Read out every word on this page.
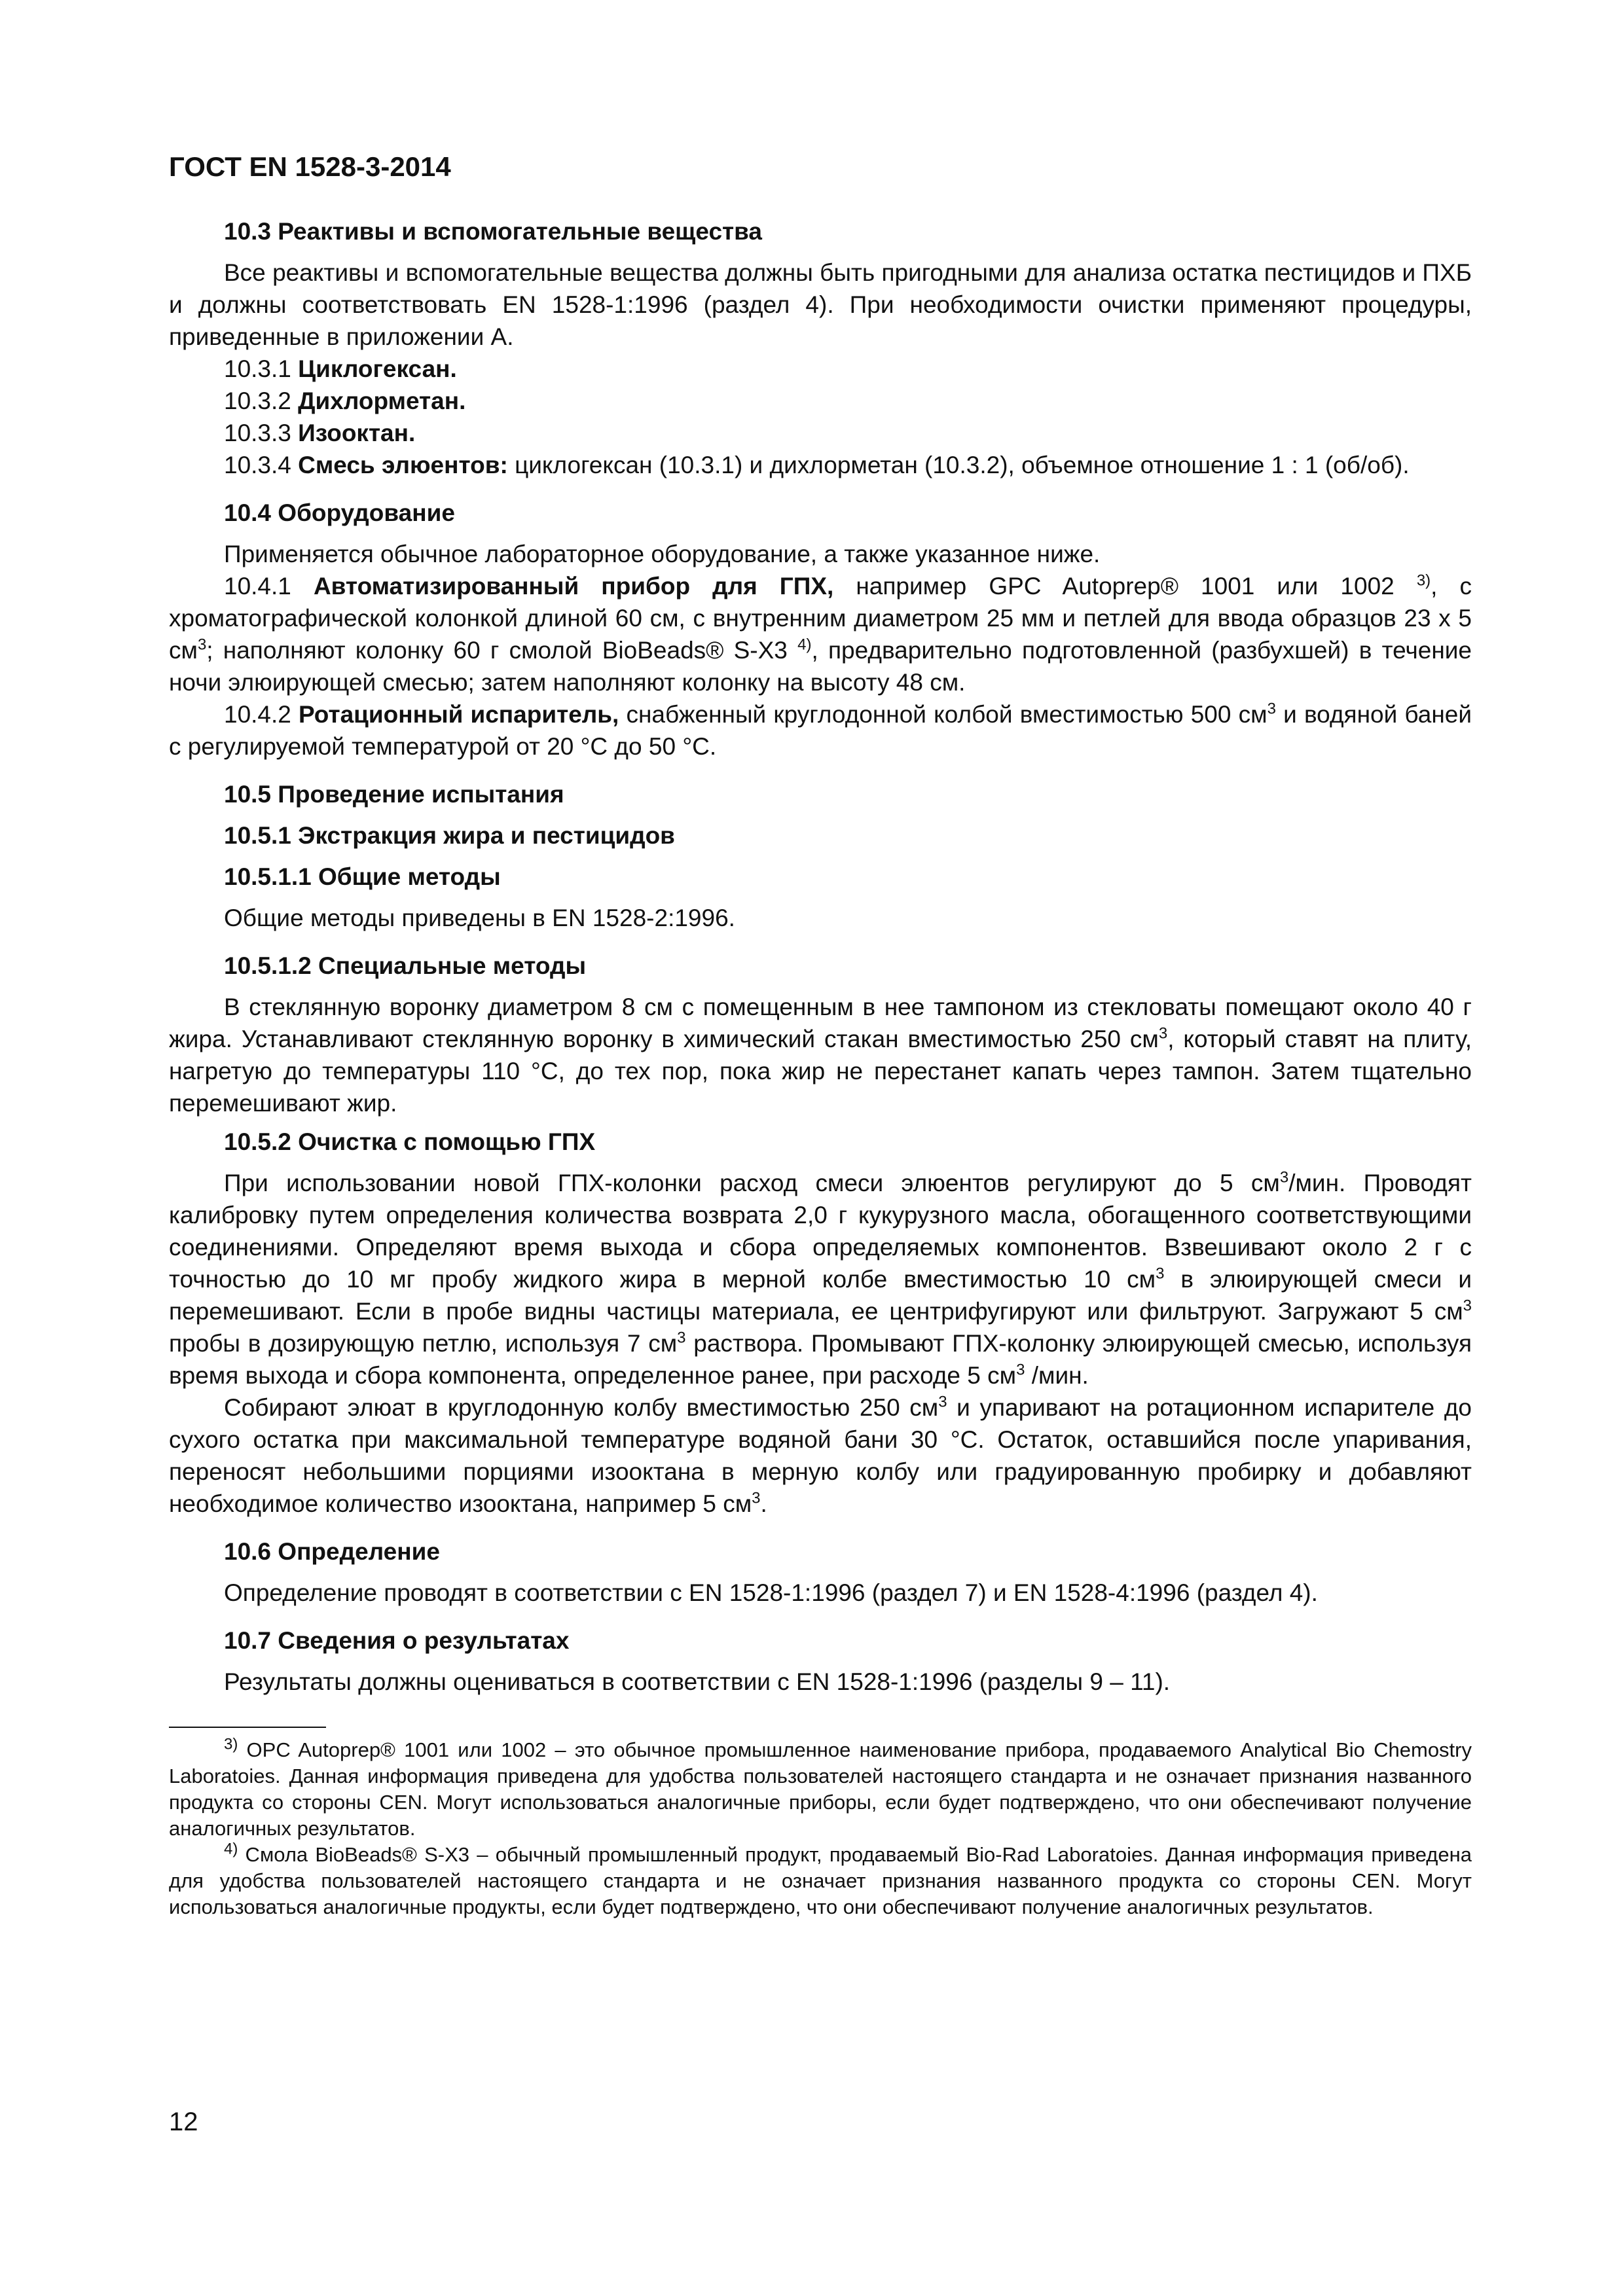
ГОСТ EN 1528-3-2014
10.3 Реактивы и вспомогательные вещества

Все реактивы и вспомогательные вещества должны быть пригодными для анализа остатка пестицидов и ПХБ и должны соответствовать EN 1528-1:1996 (раздел 4). При необходимости очистки применяют процедуры, приведенные в приложении А.

10.3.1 Циклогексан.

10.3.2 Дихлорметан.

10.3.3 Изооктан.

10.3.4 Смесь элюентов: циклогексан (10.3.1) и дихлорметан (10.3.2), объемное отношение 1 : 1 (об/об).

10.4 Оборудование

Применяется обычное лабораторное оборудование, а также указанное ниже.

10.4.1 Автоматизированный прибор для ГПХ, например GPC Autoprep® 1001 или 1002 $^{3)}$, с хроматографической колонкой длиной 60 см, с внутренним диаметром 25 мм и петлей для ввода образцов 23 х 5 $см^3$; наполняют колонку 60 г смолой BioBeads® S-X3 $^{4)}$, предварительно подготовленной (разбухшей) в течение ночи элюирующей смесью; затем наполняют колонку на высоту 48 см.

10.4.2 Ротационный испаритель, снабженный круглодонной колбой вместимостью 500 $см^3$ и водяной баней с регулируемой температурой от 20 °С до 50 °С.

10.5 Проведение испытания
10.5.1 Экстракция жира и пестицидов
10.5.1.1 Общие методы

Общие методы приведены в EN 1528-2:1996.

10.5.1.2 Специальные методы

В стеклянную воронку диаметром 8 см с помещенным в нее тампоном из стекловаты помещают около 40 г жира. Устанавливают стеклянную воронку в химический стакан вместимостью 250 $см^3$, который ставят на плиту, нагретую до температуры 110 °С, до тех пор, пока жир не перестанет капать через тампон. Затем тщательно перемешивают жир.

10.5.2 Очистка с помощью ГПХ

При использовании новой ГПХ-колонки расход смеси элюентов регулируют до 5 $см^3$/мин. Проводят калибровку путем определения количества возврата 2,0 г кукурузного масла, обогащенного соответствующими соединениями. Определяют время выхода и сбора определяемых компонентов. Взвешивают около 2 г с точностью до 10 мг пробу жидкого жира в мерной колбе вместимостью 10 $см^3$ в элюирующей смеси и перемешивают. Если в пробе видны частицы материала, ее центрифугируют или фильтруют. Загружают 5 $см^3$ пробы в дозирующую петлю, используя 7 $см^3$ раствора. Промывают ГПХ-колонку элюирующей смесью, используя время выхода и сбора компонента, определенное ранее, при расходе 5 $см^3$ /мин.

Собирают элюат в круглодонную колбу вместимостью 250 $см^3$ и упаривают на ротационном испарителе до сухого остатка при максимальной температуре водяной бани 30 °С. Остаток, оставшийся после упаривания, переносят небольшими порциями изооктана в мерную колбу или градуированную пробирку и добавляют необходимое количество изооктана, например 5 $см^3$.

10.6 Определение

Определение проводят в соответствии с EN 1528-1:1996 (раздел 7) и EN 1528-4:1996 (раздел 4).

10.7 Сведения о результатах

Результаты должны оцениваться в соответствии с EN 1528-1:1996 (разделы 9 – 11).

$^{3)}$ OPC Autoprep® 1001 или 1002 – это обычное промышленное наименование прибора, продаваемого Analytical Bio Chemostry Laboratoies. Данная информация приведена для удобства пользователей настоящего стандарта и не означает признания названного продукта со стороны CEN. Могут использоваться аналогичные приборы, если будет подтверждено, что они обеспечивают получение аналогичных результатов.

$^{4)}$ Смола BioBeads® S-X3 – обычный промышленный продукт, продаваемый Bio-Rad Laboratoies. Данная информация приведена для удобства пользователей настоящего стандарта и не означает признания названного продукта со стороны CEN. Могут использоваться аналогичные продукты, если будет подтверждено, что они обеспечивают получение аналогичных результатов.

12
